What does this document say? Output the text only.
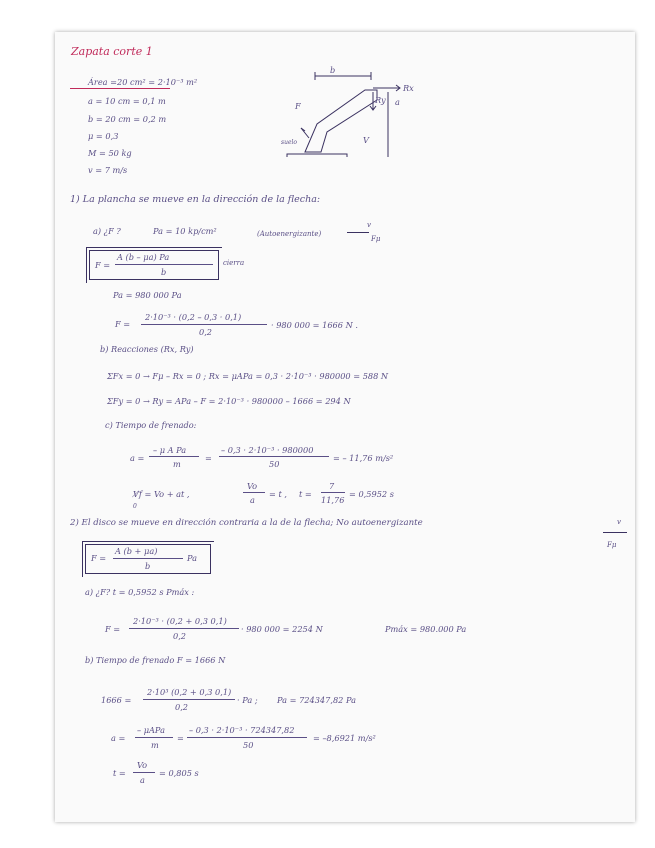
Zapata corte 1
Área =20 cm² = 2·10⁻³ m²
a = 10 cm = 0,1 m
b = 20 cm = 0,2 m
μ = 0,3
M = 50 kg
v = 7 m/s
b
Rx
Ry a
F
suelo	V
1) La plancha se mueve en la dirección de la flecha:
a) ¿F ?	Pa = 10 kp/cm²	(Autoenergizante)
v
Fμ
F =
A (b – μa) Pa
b
cierra
Pa = 980 000 Pa
F =
2·10⁻³ · (0,2 – 0,3 · 0,1)
0,2
· 980 000 = 1666 N .
b) Reacciones (Rx, Ry)
ΣFx = 0 → Fμ – Rx = 0 ; Rx = μAPa = 0,3 · 2·10⁻³ · 980000 = 588 N
ΣFy = 0 → Ry = APa – F = 2·10⁻³ · 980000 – 1666 = 294 N
c) Tiempo de frenado:
a =
– μ A Pa
m
=
– 0,3 · 2·10⁻³ · 980000
50
= – 11,76 m/s²
V̸f = Vo + at ,
0
Vo
a
= t , t =
7
11,76
= 0,5952 s
2) El disco se mueve en dirección contraria a la de la flecha; No autoenergizante	v
Fμ
F =
A (b + μa)
b
Pa
a) ¿F? t = 0,5952 s Pmáx :
F =
2·10⁻³ · (0,2 + 0,3 0,1)
0,2
· 980 000 = 2254 N	Pmáx = 980.000 Pa
b) Tiempo de frenado F = 1666 N
1666 =
2·10³ (0,2 + 0,3 0,1)
0,2
· Pa ; Pa = 724347,82 Pa
a =
– μAPa
m
=
– 0,3 · 2·10⁻³ · 724347,82
50
= –8,6921 m/s²
t =
Vo
a
= 0,805 s
